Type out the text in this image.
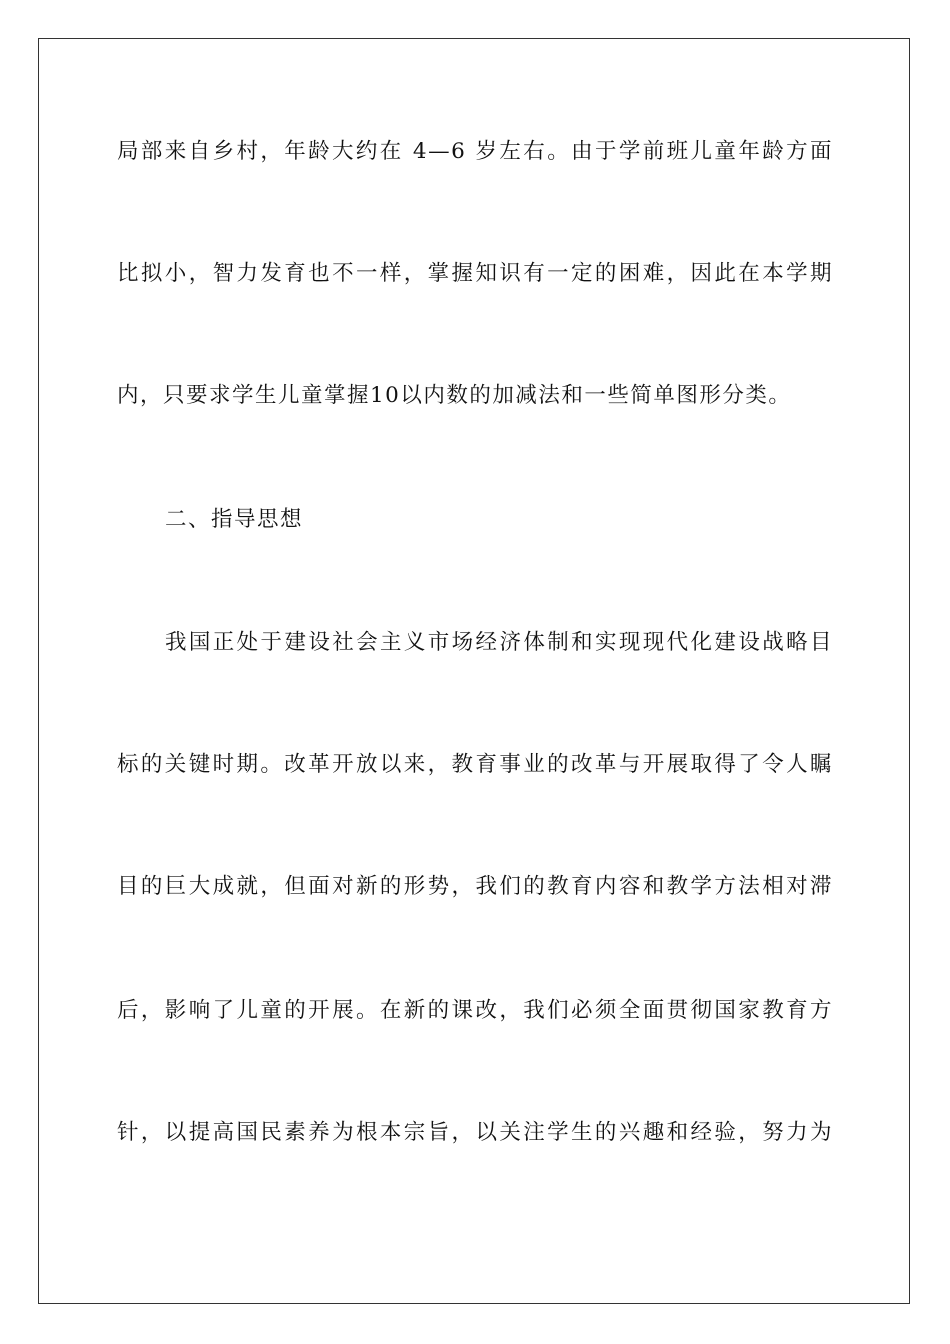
局部来自乡村，年龄大约在 4—6 岁左右。由于学前班儿童年龄方面
比拟小，智力发育也不一样，掌握知识有一定的困难，因此在本学期
内，只要求学生儿童掌握10以内数的加减法和一些简单图形分类。
二、指导思想
我国正处于建设社会主义市场经济体制和实现现代化建设战略目
标的关键时期。改革开放以来，教育事业的改革与开展取得了令人瞩
目的巨大成就，但面对新的形势，我们的教育内容和教学方法相对滞
后，影响了儿童的开展。在新的课改，我们必须全面贯彻国家教育方
针，以提高国民素养为根本宗旨，以关注学生的兴趣和经验，努力为
